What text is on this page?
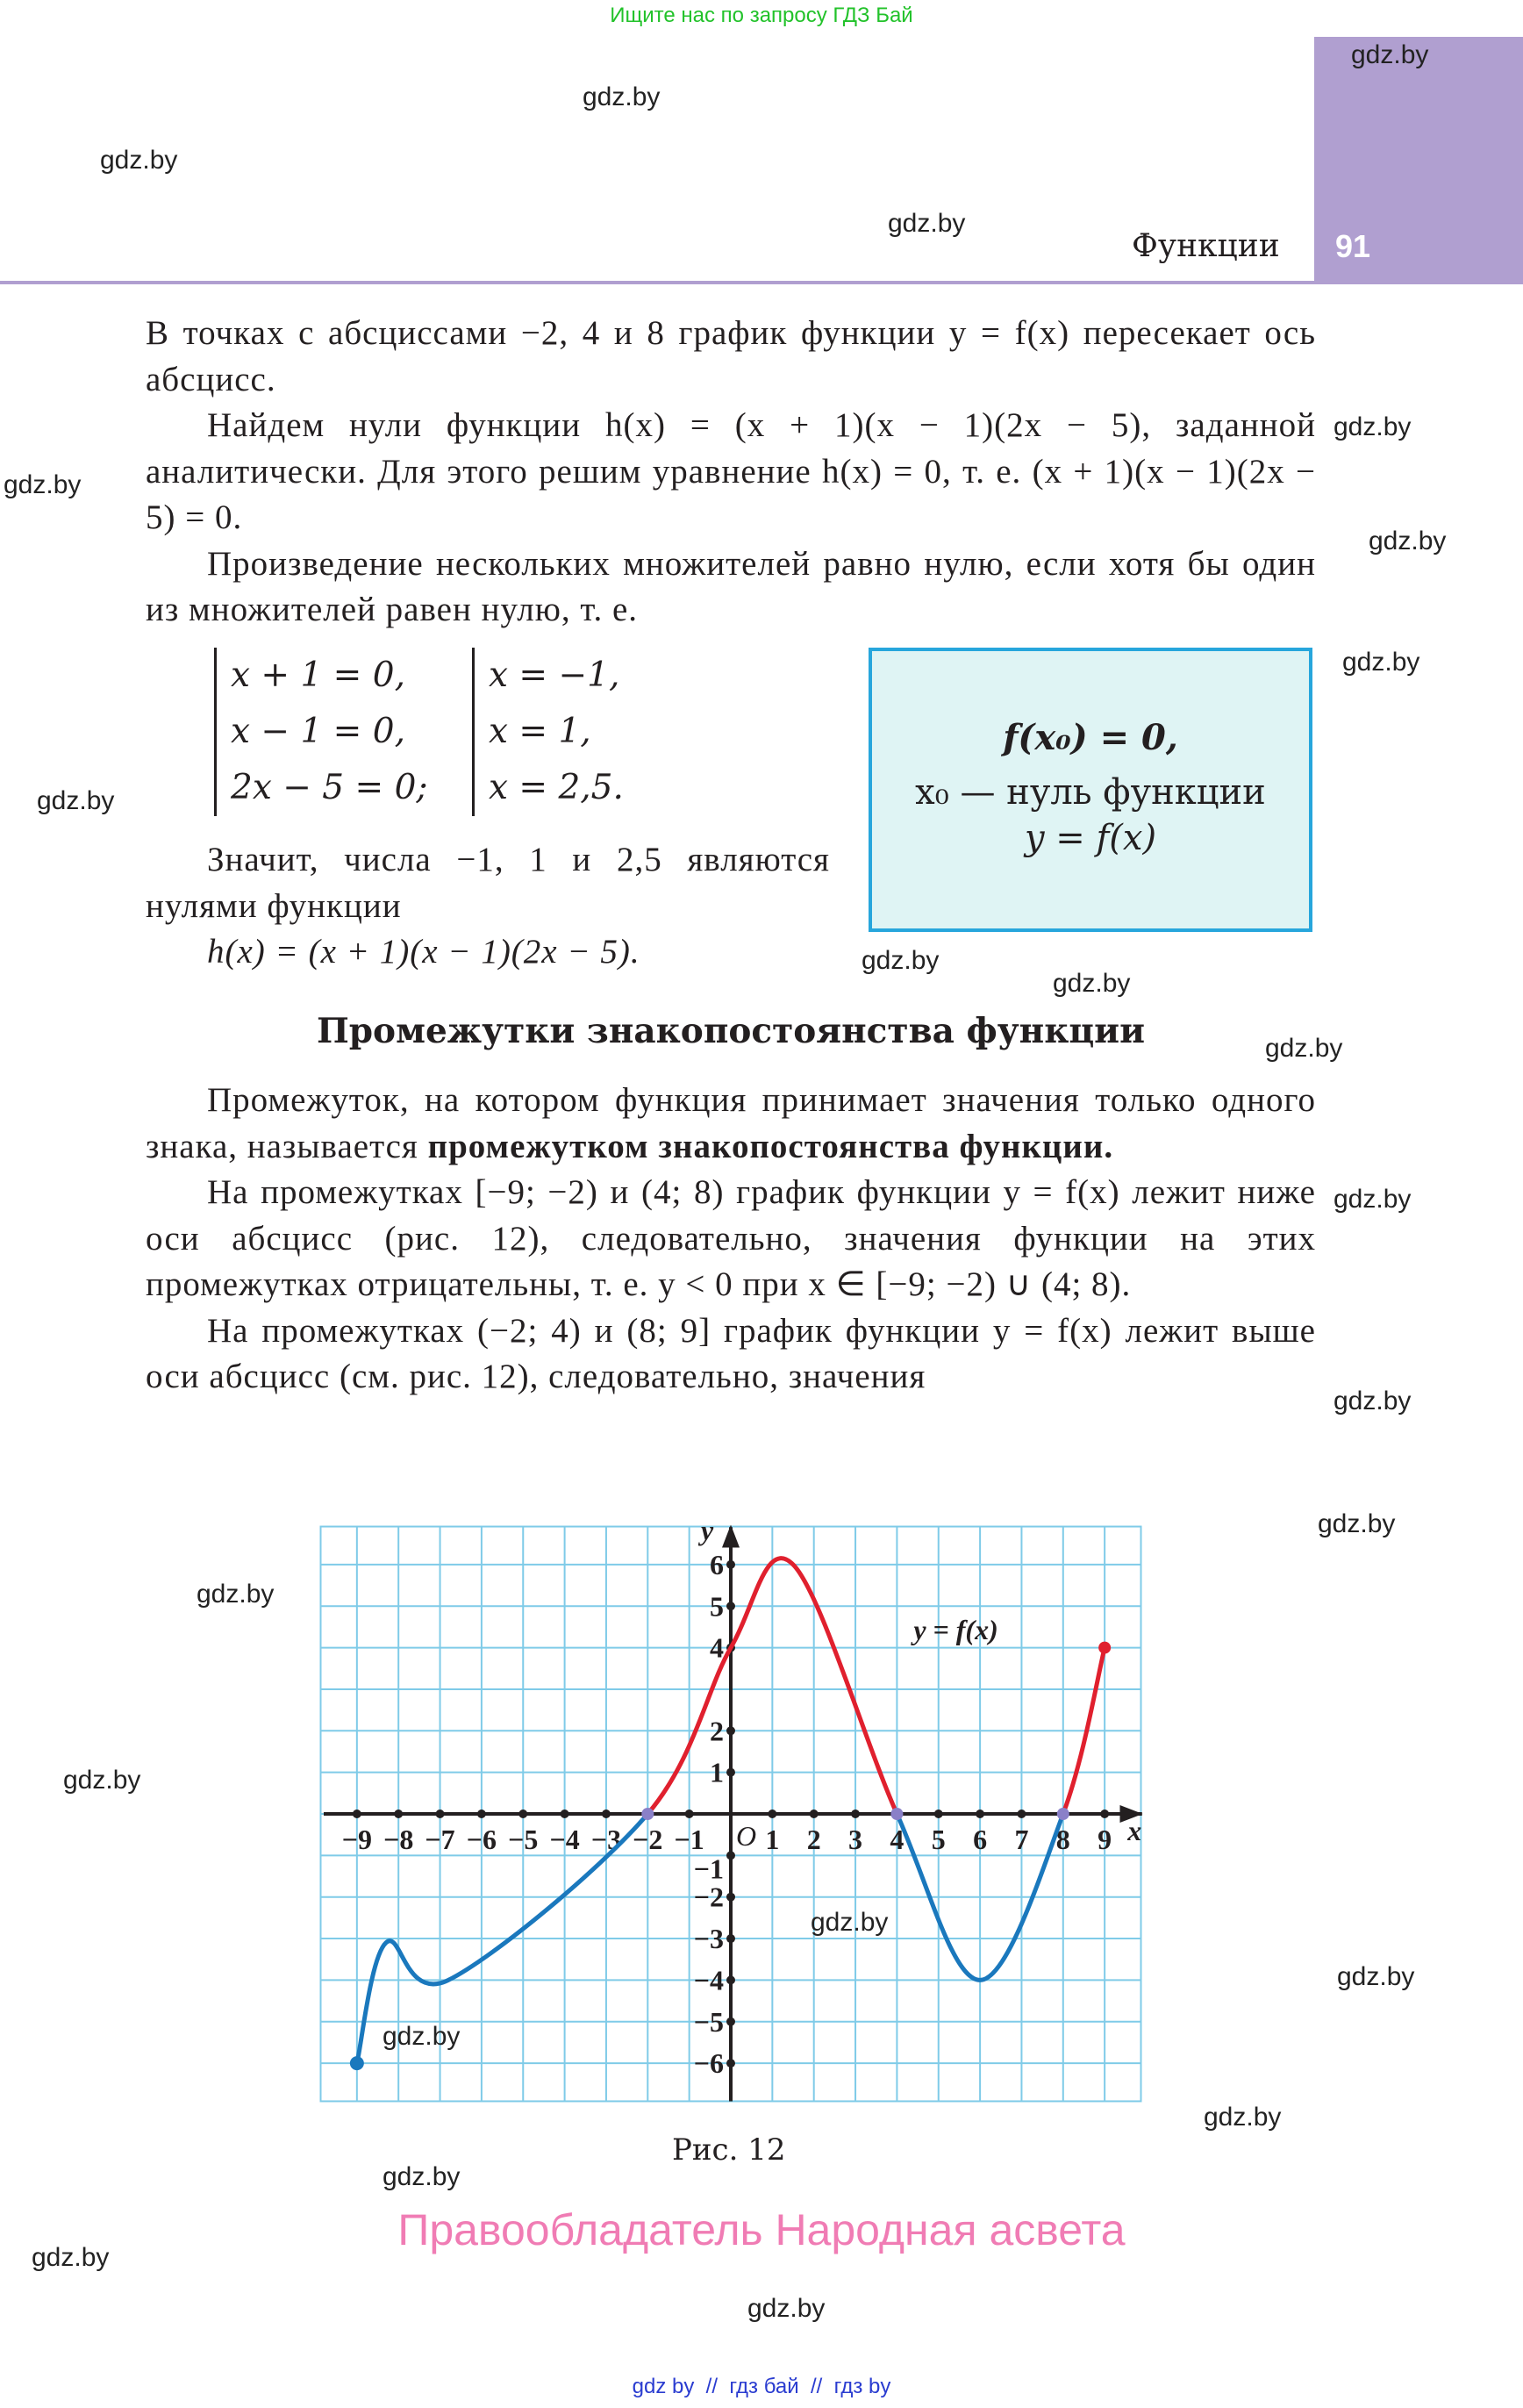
Ищите нас по запросу ГДЗ Бай
Функции 91

В точках с абсциссами −2, 4 и 8 график функции y = f(x) пересекает ось абсцисс.

Найдем нули функции h(x) = (x + 1)(x − 1)(2x − 5), заданной аналитически. Для этого решим уравнение h(x) = 0, т. е. (x + 1)(x − 1)(2x − 5) = 0.

Произведение нескольких множителей равно нулю, если хотя бы один из множителей равен нулю, т. е.

x + 1 = 0,
x − 1 = 0,
2x − 5 = 0;
x = −1,
x = 1,
x = 2,5.
Значит, числа −1, 1 и 2,5 являются нулями функции
h(x) = (x + 1)(x − 1)(2x − 5).
f(x₀) = 0,
x₀ — нуль функции
y = f(x)
Промежутки знакопостоянства функции

Промежуток, на котором функция принимает значения только одного знака, называется промежутком знакопостоянства функции.

На промежутках [−9; −2) и (4; 8) график функции y = f(x) лежит ниже оси абсцисс (рис. 12), следовательно, значения функции на этих промежутках отрицательны, т. е. y < 0 при x ∈ [−9; −2) ∪ (4; 8).

На промежутках (−2; 4) и (8; 9] график функции y = f(x) лежит выше оси абсцисс (см. рис. 12), следовательно, значения

−9 −8 −7 −6 −5 −4 −3 −2 −1 1 2 3 4 5 6 7 8 9
6
5
4
2
1
−1
−2
−3
−4
−5
−6
O	x
y
y = f(x)
Рис. 12
Правообладатель Народная асвета
gdz by  //  гдз бай  //  гдз by
gdz.by
gdz.by
gdz.by
gdz.by
gdz.by
gdz.by
gdz.by
gdz.by
gdz.by
gdz.by
gdz.by
gdz.by
gdz.by
gdz.by
gdz.by
gdz.by
gdz.by
gdz.by
gdz.by
gdz.by
gdz.by
gdz.by
gdz.by
gdz.by
